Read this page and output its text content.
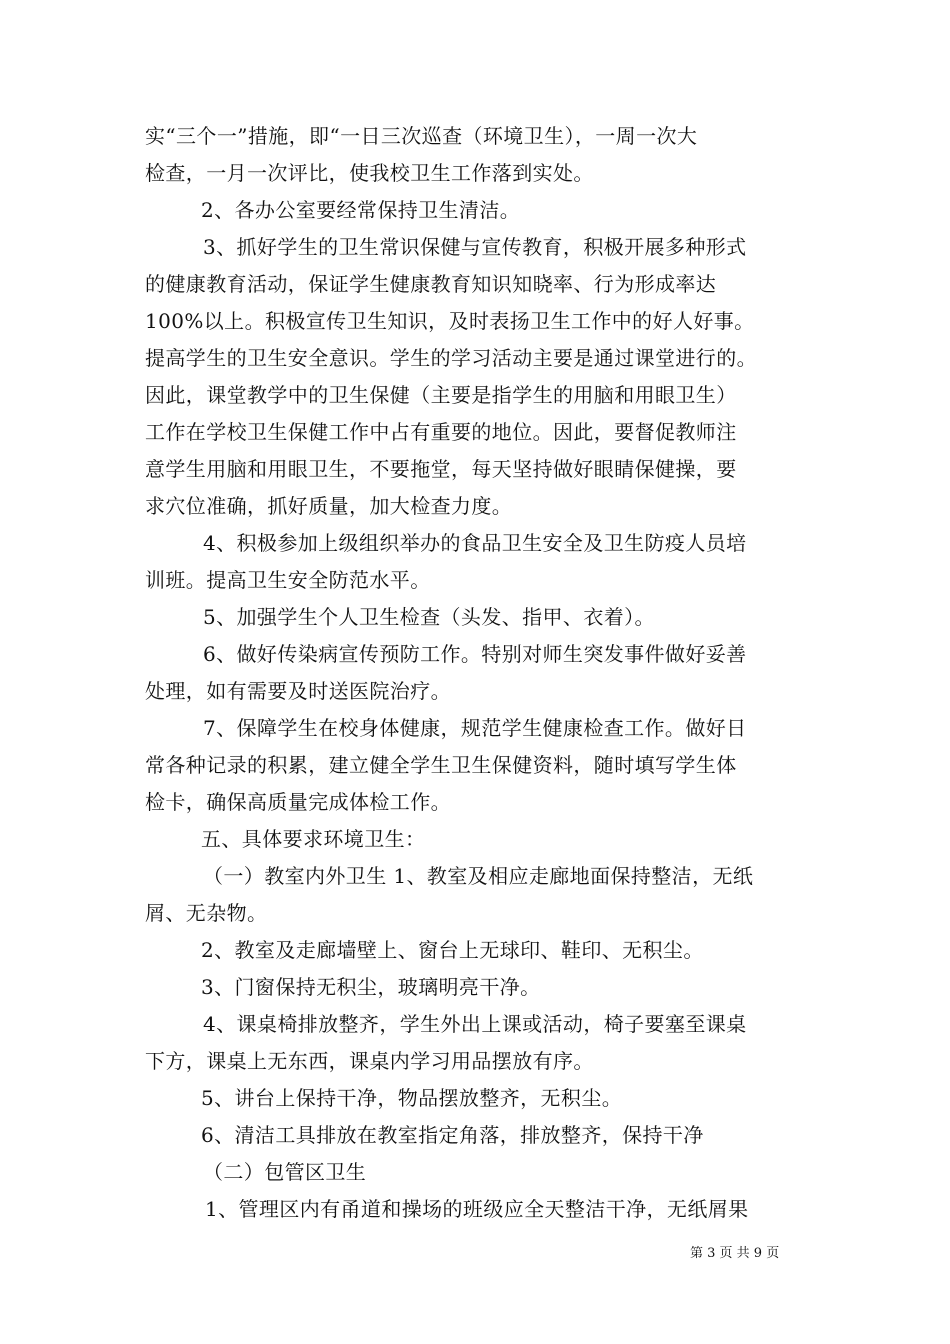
实“三个一”措施，即“一日三次巡查（环境卫生），一周一次大
检查，一月一次评比，使我校卫生工作落到实处。
2、各办公室要经常保持卫生清洁。
3、抓好学生的卫生常识保健与宣传教育，积极开展多种形式
的健康教育活动，保证学生健康教育知识知晓率、行为形成率达
100%以上。积极宣传卫生知识，及时表扬卫生工作中的好人好事。
提高学生的卫生安全意识。学生的学习活动主要是通过课堂进行的。
因此，课堂教学中的卫生保健（主要是指学生的用脑和用眼卫生）
工作在学校卫生保健工作中占有重要的地位。因此，要督促教师注
意学生用脑和用眼卫生，不要拖堂，每天坚持做好眼睛保健操，要
求穴位准确，抓好质量，加大检查力度。
4、积极参加上级组织举办的食品卫生安全及卫生防疫人员培
训班。提高卫生安全防范水平。
5、加强学生个人卫生检查（头发、指甲、衣着）。
6、做好传染病宣传预防工作。特别对师生突发事件做好妥善
处理，如有需要及时送医院治疗。
7、保障学生在校身体健康，规范学生健康检查工作。做好日
常各种记录的积累，建立健全学生卫生保健资料，随时填写学生体
检卡，确保高质量完成体检工作。
五、具体要求环境卫生：
（一）教室内外卫生 1、教室及相应走廊地面保持整洁，无纸
屑、无杂物。
2、教室及走廊墙壁上、窗台上无球印、鞋印、无积尘。
3、门窗保持无积尘，玻璃明亮干净。
4、课桌椅排放整齐，学生外出上课或活动，椅子要塞至课桌
下方，课桌上无东西，课桌内学习用品摆放有序。
5、讲台上保持干净，物品摆放整齐，无积尘。
6、清洁工具排放在教室指定角落，排放整齐，保持干净
（二）包管区卫生
1、管理区内有甬道和操场的班级应全天整洁干净，无纸屑果
第 3 页 共 9 页
